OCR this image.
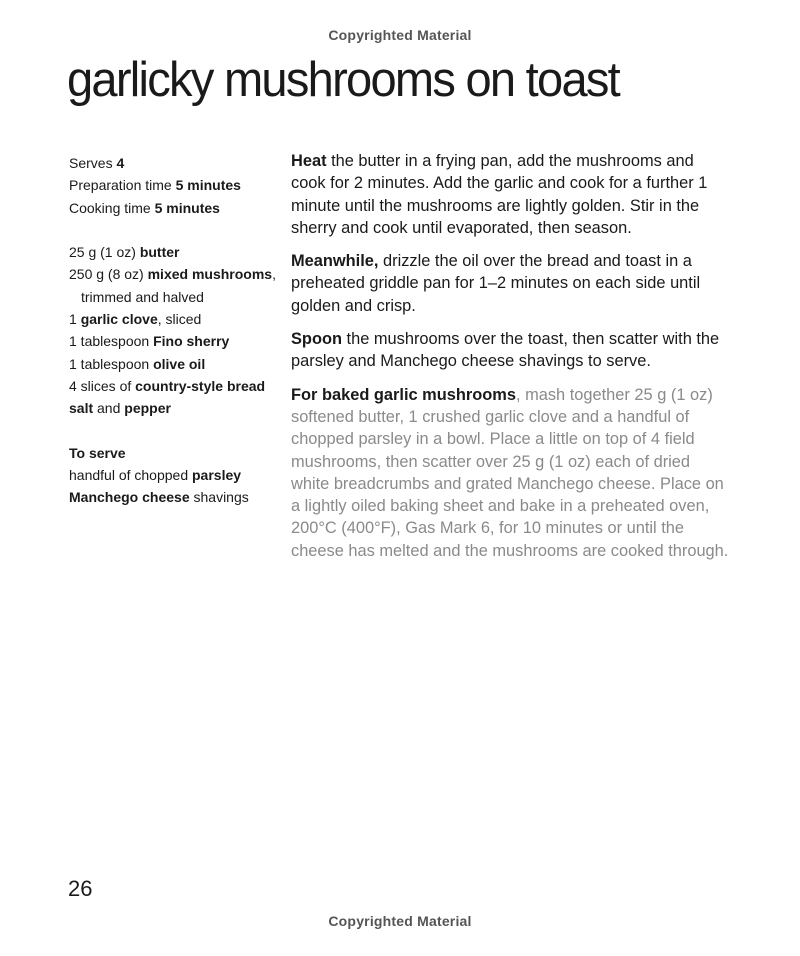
Copyrighted Material
garlicky mushrooms on toast
Serves 4
Preparation time 5 minutes
Cooking time 5 minutes
25 g (1 oz) butter
250 g (8 oz) mixed mushrooms,
trimmed and halved
1 garlic clove, sliced
1 tablespoon Fino sherry
1 tablespoon olive oil
4 slices of country-style bread
salt and pepper
To serve
handful of chopped parsley
Manchego cheese shavings

Heat the butter in a frying pan, add the mushrooms and cook for 2 minutes. Add the garlic and cook for a further 1 minute until the mushrooms are lightly golden. Stir in the sherry and cook until evaporated, then season.

Meanwhile, drizzle the oil over the bread and toast in a preheated griddle pan for 1–2 minutes on each side until golden and crisp.

Spoon the mushrooms over the toast, then scatter with the parsley and Manchego cheese shavings to serve.

For baked garlic mushrooms, mash together 25 g (1 oz) softened butter, 1 crushed garlic clove and a handful of chopped parsley in a bowl. Place a little on top of 4 field mushrooms, then scatter over 25 g (1 oz) each of dried white breadcrumbs and grated Manchego cheese. Place on a lightly oiled baking sheet and bake in a preheated oven, 200°C (400°F), Gas Mark 6, for 10 minutes or until the cheese has melted and the mushrooms are cooked through.

26
Copyrighted Material
